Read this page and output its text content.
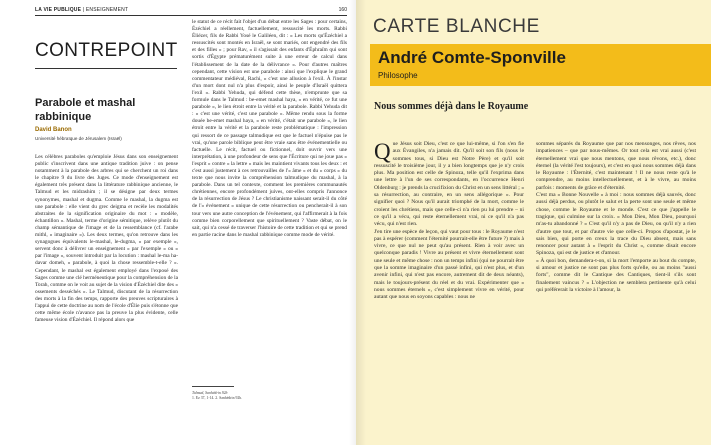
LA VIE PUBLIQUE | ENSEIGNEMENT	160
CONTREPOINT
Parabole et mashal rabbinique
David Banon
Université hébraïque de Jérusalem (Israël)
Les célèbres paraboles qu'emploie Jésus dans son enseignement public s'inscrivent dans une antique tradition juive : on pense notamment à la parabole des arbres qui se cherchent un roi dans le chapitre 9 du livre des Juges. Ce mode d'enseignement est également très présent dans la littérature rabbinique ancienne, le Talmud et les midrashim ; il se désigne par deux termes synonymes, mashal et dugma. Comme le mashal, la dugma est une parabole : elle vient du grec deigma et recèle les modalités abstraites de la signification originaire du mot : « modèle, échantillon ». Mashal, terme d'origine sémitique, relève plutôt du champ sémantique de l'image et de la ressemblance (cf. l'arabe mithl, « imaginaire »). Les deux termes, qu'on retrouve dans les synagogues équivalents le-mashal, le-dugma, « par exemple », servent donc à délivrer un enseignement « par l'exemple » ou « par l'image », souvent introduit par la locution : mashal le-ma ha-davar domeh, « parabole, à quoi la chose ressemble-t-elle ? ». Cependant, le mashal est également employé dans l'exposé des Sages comme une clé herméneutique pour la compréhension de la Torah, comme on le voit au sujet de la vision d'Ézéchiel dite des « ossements desséchés ». Le Talmud, discutant de la résurrection des morts à la fin des temps, rapporte des preuves scripturaires à l'appui de cette doctrine au nom de l'école d'Élie puis s'étonne que cette même école n'avance pas la preuve la plus évidente, celle fameuse vision d'Ézéchiel. Il répond alors que
le statut de ce récit fait l'objet d'un débat entre les Sages : pour certains, Ézéchiel a réellement, factuellement, ressuscité les morts. Rabbi Éliézer, fils de Rabbi Yosé le Galiléen, dit : « Les morts qu'Ézéchiel a ressuscités sont montés en Israël, se sont mariés, ont engendré des fils et des filles » ; pour Rav, « il s'agissait des enfants d'Éphraïm qui sont sortis d'Égypte prématurément suite à une erreur de calcul dans l'établissement de la date de la délivrance ». Pour d'autres maîtres cependant, cette vision est une parabole : ainsi que l'explique le grand commentateur médiéval, Rachi, « c'est une allusion à l'exil. À l'instar d'un mort dont nul n'a plus d'espoir, ainsi le peuple d'Israël quittera l'exil ». Rabbi Yehuda, qui défend cette thèse, n'emprunte que sa formule dans le Talmud : be-emet mashal haya, « en vérité, ce fut une parabole », le lien étroit entre la vérité et la parabole. Rabbi Yehuda dit : « c'est une vérité, c'est une parabole ». Même rendu sous la forme douée be-emet mashal haya, « en vérité, c'était une parabole », le lien étroit entre la vérité et la parabole reste problématique : l'impression qui ressort de ce passage talmudique est que le factuel n'épuise pas le vrai, qu'une parole biblique peut être vraie sans être événementielle ou factuelle. Le récit, factuel ou fictionnel, doit ouvrir vers une interprétation, à une profondeur de sens que l'Écriture qui ne joue pas « l'esprit » contre « la lettre » mais les maintient vivants tous les deux : et c'est aussi justement à ces retrouvailles de l'« âme » et du « corps » du texte que nous invite la compréhension talmudique du mashal, à la parabole. Dans un tel contexte, comment les premières communautés chrétiennes, encore profondément juives, ont-elles compris l'annonce de la résurrection de Jésus ? Le christianisme naissant serait-il du côté de l'« événement » unique de cette résurrection ou pencherait-il à son tour vers une autre conception de l'événement, qui l'affirmerait à la fois comme bien corporellement que spirituellement ? Vaste débat, on le sait, qui n'a cessé de traverser l'histoire de cette tradition et qui se prend en partie racine dans le mashal rabbinique comme mode de vérité.
Talmud, Sanhédrin 92b
1. Ez 37, 1-14. 2. Sanhédrin 92b.
CARTE BLANCHE
André Comte-Sponville
Philosophe
Nous sommes déjà dans le Royaume

Que Jésus soit Dieu, c'est ce que lui-même, si l'on s'en fie aux Évangiles, n'a jamais dit. Qu'il soit son fils (nous le sommes tous, si Dieu est Notre Père) et qu'il soit ressuscité le troisième jour, il y a bien longtemps que je n'y crois plus. Ma position est celle de Spinoza, telle qu'il l'exprima dans une lettre à l'un de ses correspondants, en l'occurrence Henri Oldenburg : je prends la crucifixion du Christ en un sens littéral ; « sa résurrection, au contraire, en un sens allégorique ». Pour signifier quoi ? Nous qu'il aurait triomphé de la mort, comme le croient les chrétiens, mais que celle-ci n'a rien pu lui prendre – ni ce qu'il a vécu, qui reste éternellement vrai, ni ce qu'il n'a pas vécu, qui n'est rien.

J'en tire une espèce de leçon, qui vaut pour tous : le Royaume n'est pas à espérer (comment l'éternité pourrait-elle être future ?) mais à vivre, ce que nul ne peut qu'au présent. Rien à voir avec un quelconque paradis ! Vivre au présent et vivre éternellement sont une seule et même chose : non un temps infini (qui ne pourrait être que la somme imaginaire d'un passé infini, qui n'est plus, et d'un avenir infini, qui n'est pas encore, autrement dit de deux néants), mais le toujours-présent du réel et du vrai. Expérimenter que « nous sommes éternels », c'est simplement vivre en vérité, pour autant que nous en soyons capables : nous ne

sommes séparés du Royaume que par nos mensonges, nos rêves, nos impatiences – que par nous-mêmes. Or tout cela est vrai aussi (c'est éternellement vrai que nous mentons, que nous rêvons, etc.), donc éternel (la vérité l'est toujours), et c'est en quoi nous sommes déjà dans le Royaume : l'Éternité, c'est maintenant ! Il ne nous reste qu'à le comprendre, au moins intellectuellement, et à le vivre, au moins parfois : moments de grâce et d'éternité.

C'est ma « Bonne Nouvelle » à moi : nous sommes déjà sauvés, donc aussi déjà perdus, ou plutôt le salut et la perte sont une seule et même chose, comme le Royaume et le monde. C'est ce que j'appelle le tragique, qui culmine sur la croix. « Mon Dieu, Mon Dieu, pourquoi m'as-tu abandonné ? » C'est qu'il n'y a pas de Dieu, ou qu'il n'y a rien d'autre que tout, et par d'autre vie que celle-ci. Propos d'apostat, je le sais bien, qui porte en creux la trace du Dieu absent, mais sans renoncer pour autant à « l'esprit du Christ », comme disait encore Spinoza, qui est de justice et d'amour.

« À quoi bon, demandera-t-on, si la mort l'emporte au bout du compte, si amour et justice ne sont pas plus forts qu'elle, ou au moins "aussi forts", comme dit le Cantique des Cantiques, tient-il s'ils sont finalement vaincus ? » L'objection ne semblera pertinente qu'à celui qui préférerait la victoire à l'amour, la
